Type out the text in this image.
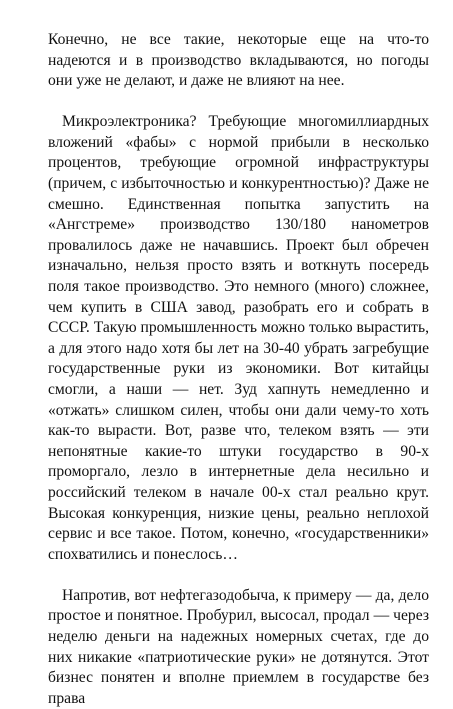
Конечно, не все такие, некоторые еще на что-то надеются и в производство вкладываются, но погоды они уже не делают, и даже не влияют на нее.

Микроэлектроника? Требующие многомиллиардных вложений «фабы» с нормой прибыли в несколько процентов, требующие огромной инфраструктуры (причем, с избыточностью и конкурентностью)? Даже не смешно. Единственная попытка запустить на «Ангстреме» производство 130/180 нанометров провалилось даже не начавшись. Проект был обречен изначально, нельзя просто взять и воткнуть посередь поля такое производство. Это немного (много) сложнее, чем купить в США завод, разобрать его и собрать в СССР. Такую промышленность можно только вырастить, а для этого надо хотя бы лет на 30-40 убрать загребущие государственные руки из экономики. Вот китайцы смогли, а наши — нет. Зуд хапнуть немедленно и «отжать» слишком силен, чтобы они дали чему-то хоть как-то вырасти. Вот, разве что, телеком взять — эти непонятные какие-то штуки государство в 90-х проморгало, лезло в интернетные дела несильно и российский телеком в начале 00-х стал реально крут. Высокая конкуренция, низкие цены, реально неплохой сервис и все такое. Потом, конечно, «государственники» спохватились и понеслось…

Напротив, вот нефтегазодобыча, к примеру — да, дело простое и понятное. Пробурил, высосал, продал — через неделю деньги на надежных номерных счетах, где до них никакие «патриотические руки» не дотянутся. Этот бизнес понятен и вполне приемлем в государстве без права
